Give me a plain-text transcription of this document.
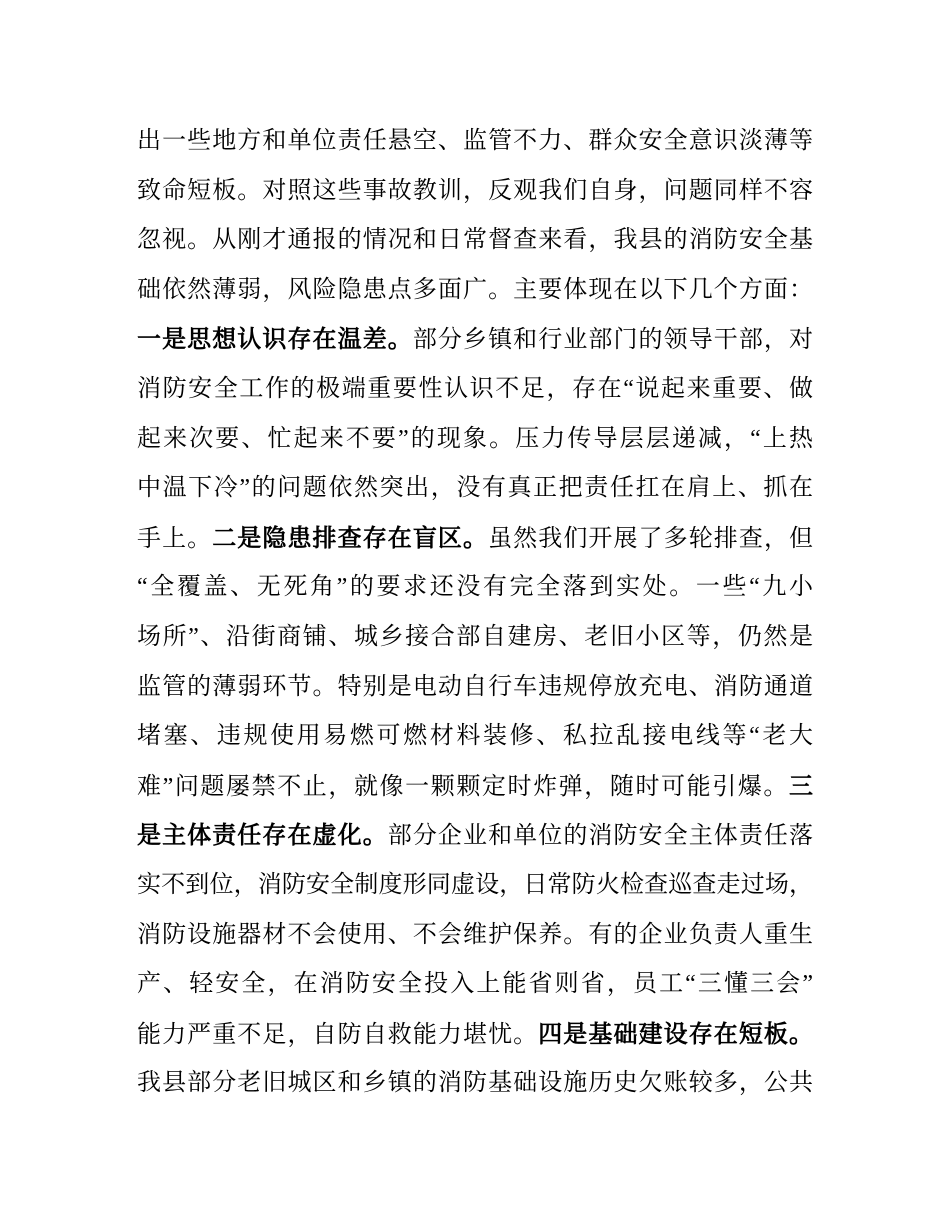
出一些地方和单位责任悬空、监管不力、群众安全意识淡薄等
致命短板。对照这些事故教训，反观我们自身，问题同样不容
忽视。从刚才通报的情况和日常督查来看，我县的消防安全基
础依然薄弱，风险隐患点多面广。主要体现在以下几个方面：
一是思想认识存在温差。部分乡镇和行业部门的领导干部，对
消防安全工作的极端重要性认识不足，存在“说起来重要、做
起来次要、忙起来不要”的现象。压力传导层层递减，“上热
中温下冷”的问题依然突出，没有真正把责任扛在肩上、抓在
手上。二是隐患排查存在盲区。虽然我们开展了多轮排查，但
“全覆盖、无死角”的要求还没有完全落到实处。一些“九小
场所”、沿街商铺、城乡接合部自建房、老旧小区等，仍然是
监管的薄弱环节。特别是电动自行车违规停放充电、消防通道
堵塞、违规使用易燃可燃材料装修、私拉乱接电线等“老大
难”问题屡禁不止，就像一颗颗定时炸弹，随时可能引爆。三
是主体责任存在虚化。部分企业和单位的消防安全主体责任落
实不到位，消防安全制度形同虚设，日常防火检查巡查走过场，
消防设施器材不会使用、不会维护保养。有的企业负责人重生
产、轻安全，在消防安全投入上能省则省，员工“三懂三会”
能力严重不足，自防自救能力堪忧。四是基础建设存在短板。
我县部分老旧城区和乡镇的消防基础设施历史欠账较多，公共
